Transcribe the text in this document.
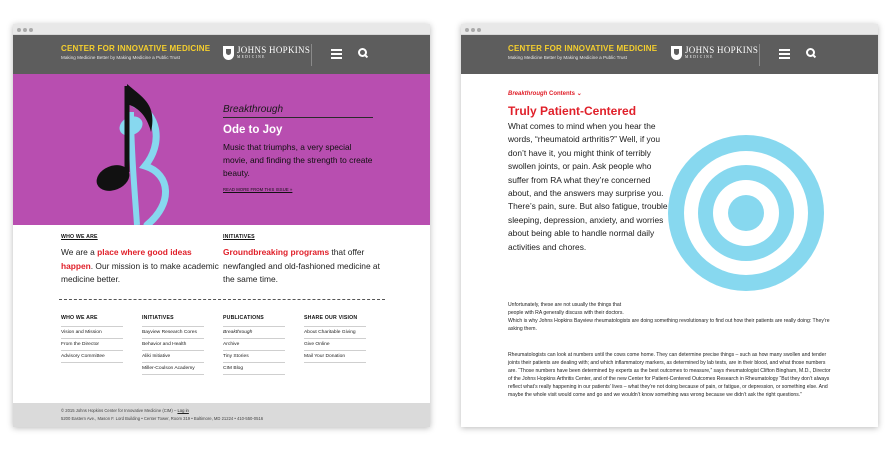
CENTER FOR INNOVATIVE MEDICINE
Making Medicine Better by Making Medicine a Public Trust
JOHNS HOPKINS
MEDICINE
Breakthrough
Ode to Joy
Music that triumphs, a very special movie, and finding the strength to create beauty.
READ MORE FROM THIS ISSUE »
WHO WE ARE
We are a place where good ideas happen. Our mission is to make academic medicine better.
INITIATIVES
Groundbreaking programs that offer newfangled and old-fashioned medicine at the same time.
WHO WE ARE
Vision and Mission
From the Director
Advisory Committee
INITIATIVES
Bayview Research Cores
Behavior and Health
Aliki Initiative
Miller-Coulson Academy
PUBLICATIONS
Breakthrough
Archive
Tiny Stories
CIM Blog
SHARE OUR VISION
About Charitable Giving
Give Online
Mail Your Donation
© 2015 Johns Hopkins Center for Innovative Medicine (CIM) – Log in
5200 Eastern Ave., Mason F. Lord Building • Center Tower, Room 319 • Baltimore, MD 21224 • 410-550-0516
CENTER FOR INNOVATIVE MEDICINE
Making Medicine Better by Making Medicine a Public Trust
JOHNS HOPKINS
MEDICINE
Breakthrough Contents ⌄
Truly Patient-Centered
What comes to mind when you hear the words, “rheumatoid arthritis?” Well, if you don’t have it, you might think of terribly swollen joints, or pain. Ask people who suffer from RA what they’re concerned about, and the answers may surprise you. There’s pain, sure. But also fatigue, trouble sleeping, depression, anxiety, and worries about being able to handle normal daily activities and chores.

Unfortunately, these are not usually the things that

people with RA generally discuss with their doctors.

Which is why Johns Hopkins Bayview rheumatologists are doing something revolutionary to find out how their patients are really doing: They’re asking them.

Rheumatologists can look at numbers until the cows come home. They can determine precise things – such as how many swollen and tender joints their patients are dealing with; and which inflammatory markers, as determined by lab tests, are in their blood, and what those numbers are. “Those numbers have been determined by experts as the best outcomes to measure,” says rheumatologist Clifton Bingham, M.D., Director of the Johns Hopkins Arthritis Center, and of the new Center for Patient-Centered Outcomes Research in Rheumatology “But they don’t always reflect what’s really happening in our patients’ lives – what they’re not doing because of pain, or fatigue, or depression, or something else. And maybe the whole visit would come and go and we wouldn’t know something was wrong because we didn’t ask the right questions.”
